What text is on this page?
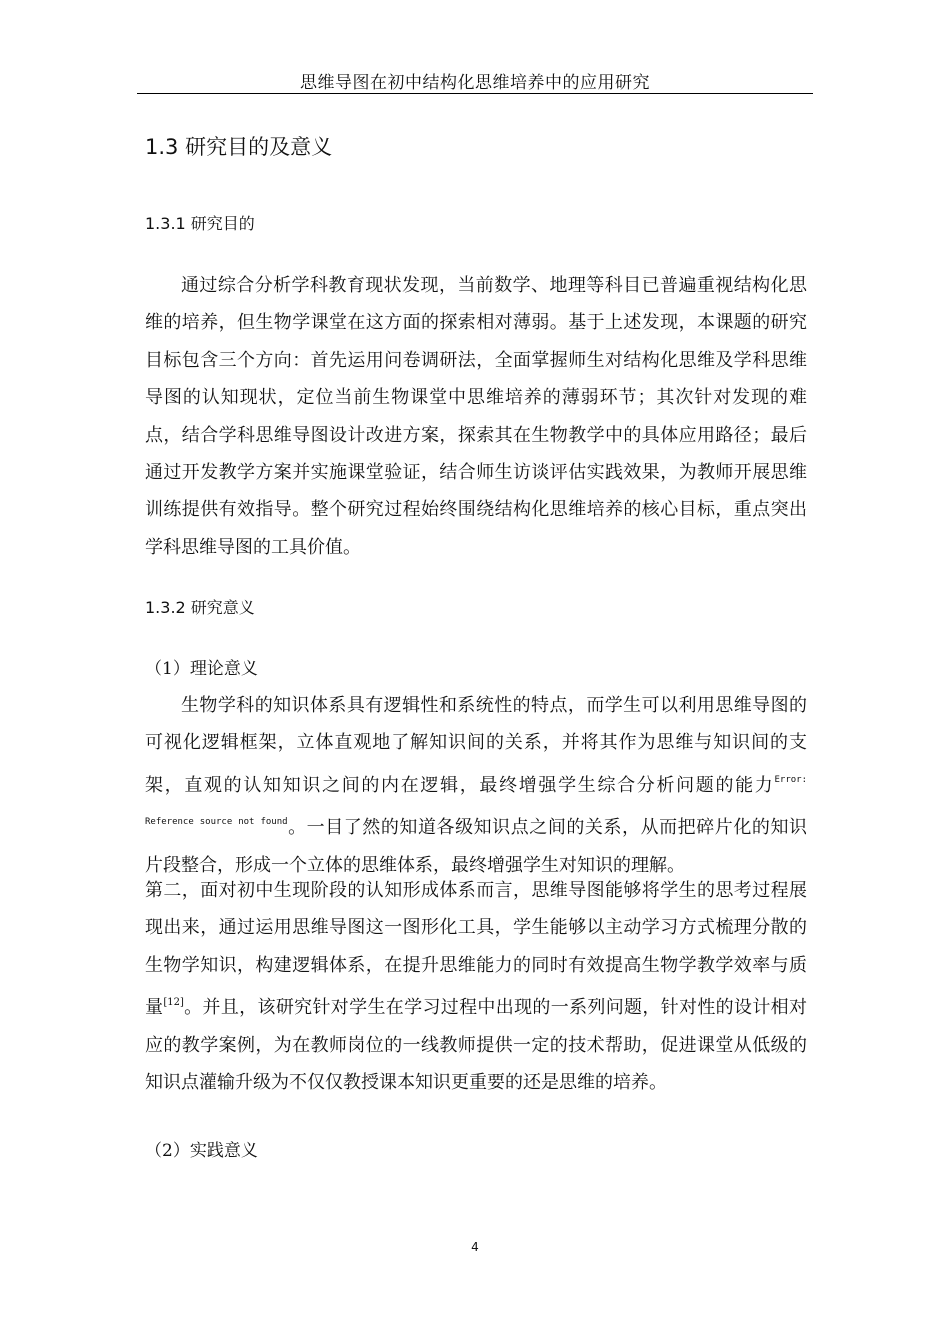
思维导图在初中结构化思维培养中的应用研究
1.3 研究目的及意义
1.3.1 研究目的

通过综合分析学科教育现状发现，当前数学、地理等科目已普遍重视结构化思维的培养，但生物学课堂在这方面的探索相对薄弱。基于上述发现，本课题的研究目标包含三个方向：首先运用问卷调研法，全面掌握师生对结构化思维及学科思维导图的认知现状，定位当前生物课堂中思维培养的薄弱环节；其次针对发现的难点，结合学科思维导图设计改进方案，探索其在生物教学中的具体应用路径；最后通过开发教学方案并实施课堂验证，结合师生访谈评估实践效果，为教师开展思维训练提供有效指导。整个研究过程始终围绕结构化思维培养的核心目标，重点突出学科思维导图的工具价值。

1.3.2 研究意义
（1）理论意义

生物学科的知识体系具有逻辑性和系统性的特点，而学生可以利用思维导图的可视化逻辑框架，立体直观地了解知识间的关系，并将其作为思维与知识间的支架，直观的认知知识之间的内在逻辑，最终增强学生综合分析问题的能力$^{Error: Reference source not found}$。一目了然的知道各级知识点之间的关系，从而把碎片化的知识片段整合，形成一个立体的思维体系，最终增强学生对知识的理解。

第二，面对初中生现阶段的认知形成体系而言，思维导图能够将学生的思考过程展现出来，通过运用思维导图这一图形化工具，学生能够以主动学习方式梳理分散的生物学知识，构建逻辑体系，在提升思维能力的同时有效提高生物学教学效率与质量[12]。并且，该研究针对学生在学习过程中出现的一系列问题，针对性的设计相对应的教学案例，为在教师岗位的一线教师提供一定的技术帮助，促进课堂从低级的知识点灌输升级为不仅仅教授课本知识更重要的还是思维的培养。

（2）实践意义
4
